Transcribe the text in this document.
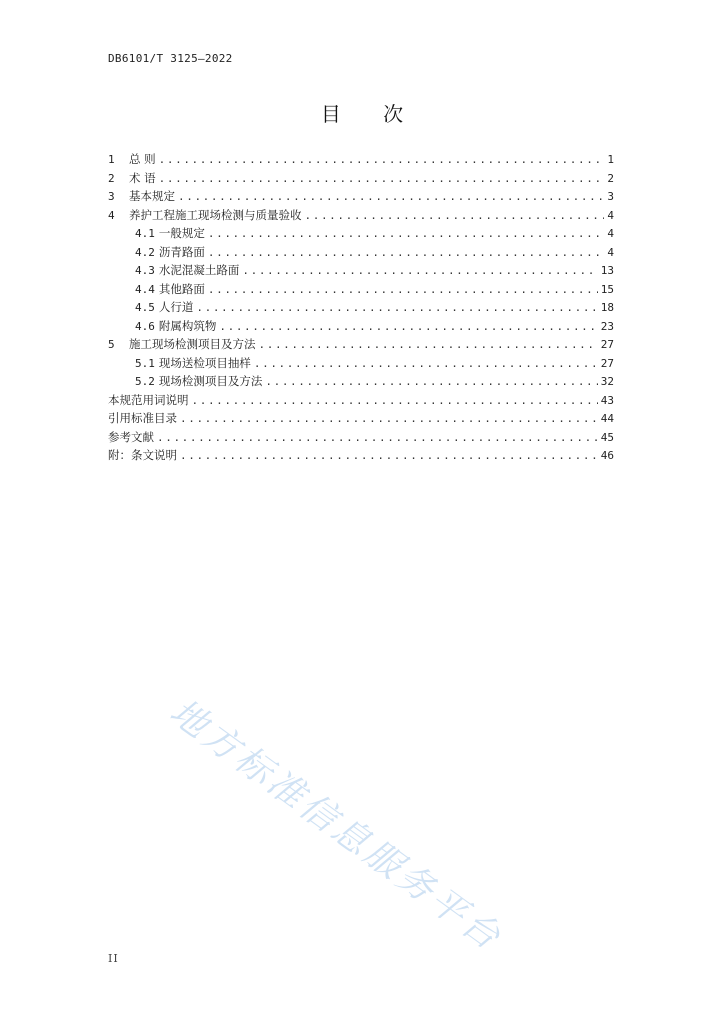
DB6101/T 3125—2022
目 次
1	总 则 .....	1
2	术 语 .....	2
3	基本规定 .....	3
4	养护工程施工现场检测与质量验收 .....	4
4.1 一般规定 .....	4
4.2 沥青路面 .....	4
4.3 水泥混凝土路面 .....	13
4.4 其他路面 .....	15
4.5 人行道 .....	18
4.6 附属构筑物 .....	23
5	施工现场检测项目及方法 .....	27
5.1 现场送检项目抽样 .....	27
5.2 现场检测项目及方法 .....	32
本规范用词说明 .....	43
引用标准目录 .....	44
参考文献 .....	45
附：条文说明 .....	46
II 地方标准信息服务平台
